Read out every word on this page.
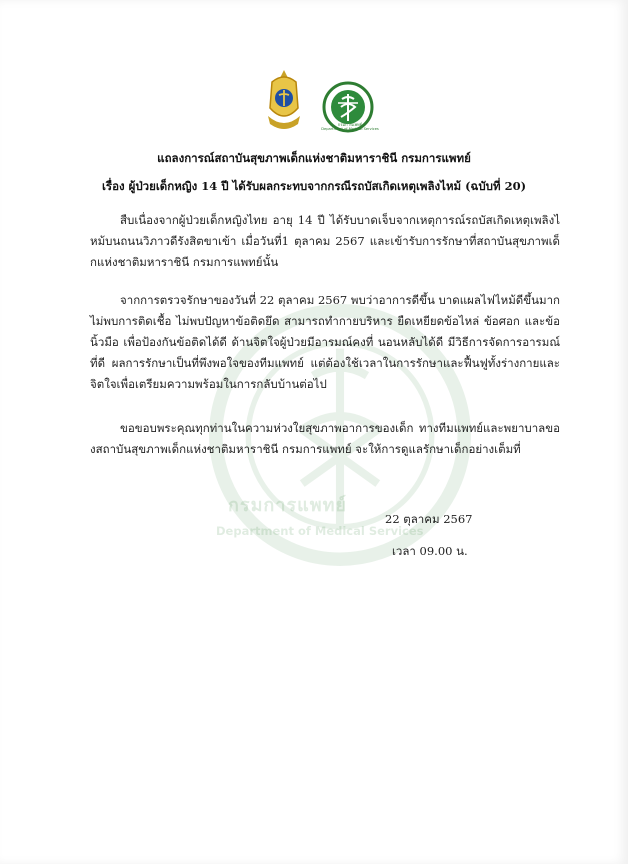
กรมการแพทย์
Department of Medical Services
แถลงการณ์สถาบันสุขภาพเด็กแห่งชาติมหาราชินี กรมการแพทย์
เรื่อง ผู้ป่วยเด็กหญิง 14 ปี ได้รับผลกระทบจากกรณีรถบัสเกิดเหตุเพลิงไหม้ (ฉบับที่ 20)
สืบเนื่องจากผู้ป่วยเด็กหญิงไทย อายุ 14 ปี ได้รับบาดเจ็บจากเหตุการณ์รถบัสเกิดเหตุเพลิงไหม้บนถนนวิภาวดีรังสิตขาเข้า เมื่อวันที่1 ตุลาคม 2567 และเข้ารับการรักษาที่สถาบันสุขภาพเด็กแห่งชาติมหาราชินี กรมการแพทย์นั้น
จากการตรวจรักษาของวันที่ 22 ตุลาคม 2567 พบว่าอาการดีขึ้น บาดแผลไฟไหม้ดีขึ้นมาก ไม่พบการติดเชื้อ ไม่พบปัญหาข้อติดยึด สามารถทำกายบริหาร ยืดเหยียดข้อไหล่ ข้อศอก และข้อนิ้วมือ เพื่อป้องกันข้อติดได้ดี ด้านจิตใจผู้ป่วยมีอารมณ์คงที่ นอนหลับได้ดี มีวิธีการจัดการอารมณ์ที่ดี ผลการรักษาเป็นที่พึงพอใจของทีมแพทย์ แต่ต้องใช้เวลาในการรักษาและฟื้นฟูทั้งร่างกายและจิตใจเพื่อเตรียมความพร้อมในการกลับบ้านต่อไป
ขอขอบพระคุณทุกท่านในความห่วงใยสุขภาพอาการของเด็ก ทางทีมแพทย์และพยาบาลของสถาบันสุขภาพเด็กแห่งชาติมหาราชินี กรมการแพทย์ จะให้การดูแลรักษาเด็กอย่างเต็มที่
กรมการแพทย์
Department of Medical Services
22 ตุลาคม 2567
เวลา 09.00 น.
